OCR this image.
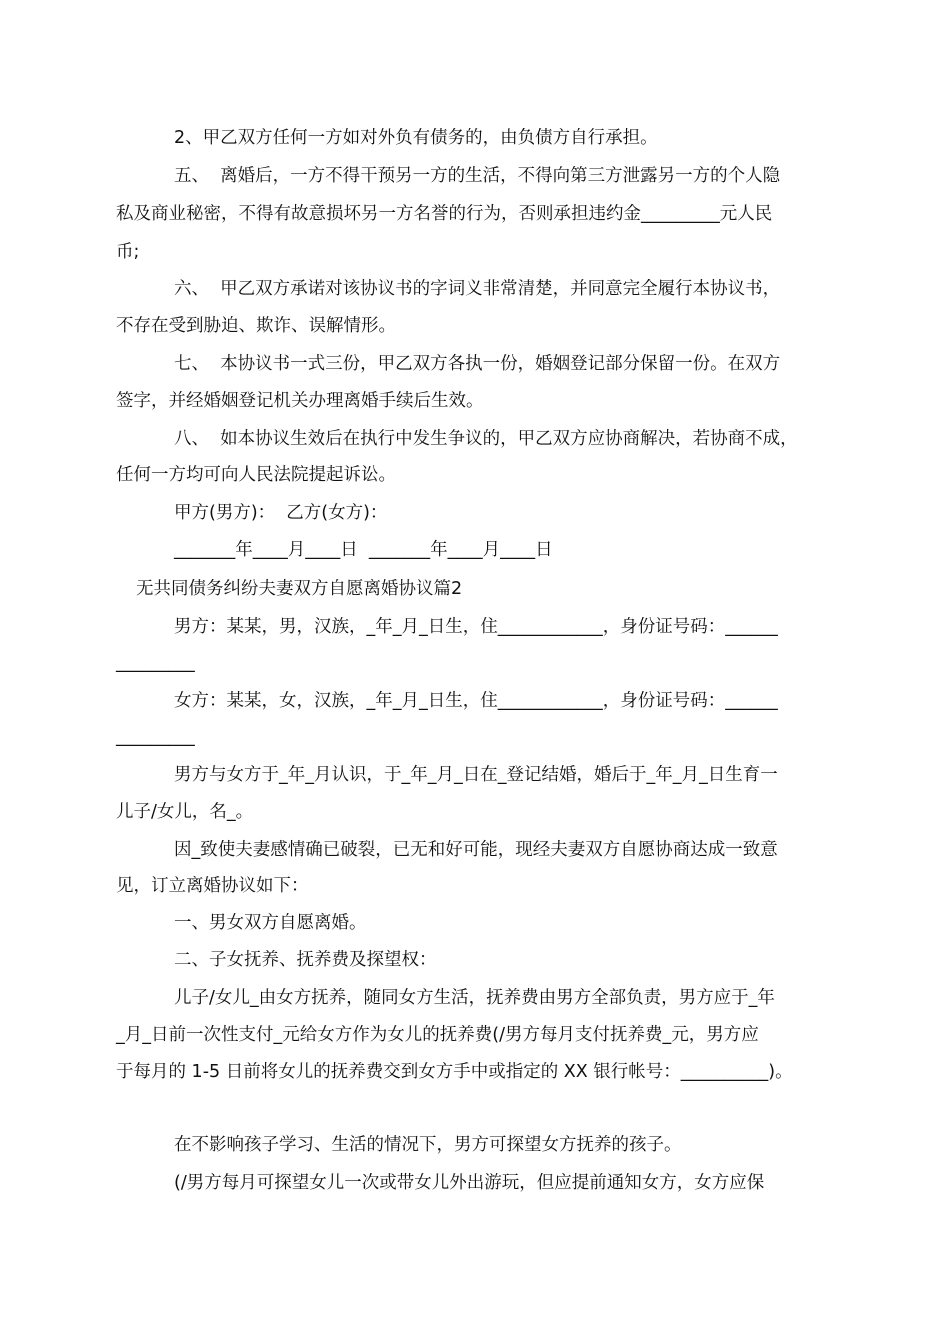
2、甲乙双方任何一方如对外负有债务的，由负债方自行承担。
五、  离婚后，一方不得干预另一方的生活，不得向第三方泄露另一方的个人隐
私及商业秘密，不得有故意损坏另一方名誉的行为，否则承担违约金_________元人民
币;
六、  甲乙双方承诺对该协议书的字词义非常清楚，并同意完全履行本协议书，
不存在受到胁迫、欺诈、误解情形。
七、  本协议书一式三份，甲乙双方各执一份，婚姻登记部分保留一份。在双方
签字，并经婚姻登记机关办理离婚手续后生效。
八、  如本协议生效后在执行中发生争议的，甲乙双方应协商解决，若协商不成，
任何一方均可向人民法院提起诉讼。
甲方(男方)：  乙方(女方)：
_______年____月____日  _______年____月____日
无共同债务纠纷夫妻双方自愿离婚协议篇2
男方：某某，男，汉族，_年_月_日生，住____________，身份证号码：______
_________
女方：某某，女，汉族，_年_月_日生，住____________，身份证号码：______
_________
男方与女方于_年_月认识，于_年_月_日在_登记结婚，婚后于_年_月_日生育一
儿子/女儿，名_。
因_致使夫妻感情确已破裂，已无和好可能，现经夫妻双方自愿协商达成一致意
见，订立离婚协议如下：
一、男女双方自愿离婚。
二、子女抚养、抚养费及探望权：
儿子/女儿_由女方抚养，随同女方生活，抚养费由男方全部负责，男方应于_年
_月_日前一次性支付_元给女方作为女儿的抚养费(/男方每月支付抚养费_元，男方应
于每月的 1-5 日前将女儿的抚养费交到女方手中或指定的 XX 银行帐号：__________)。
在不影响孩子学习、生活的情况下，男方可探望女方抚养的孩子。
(/男方每月可探望女儿一次或带女儿外出游玩，但应提前通知女方，女方应保
